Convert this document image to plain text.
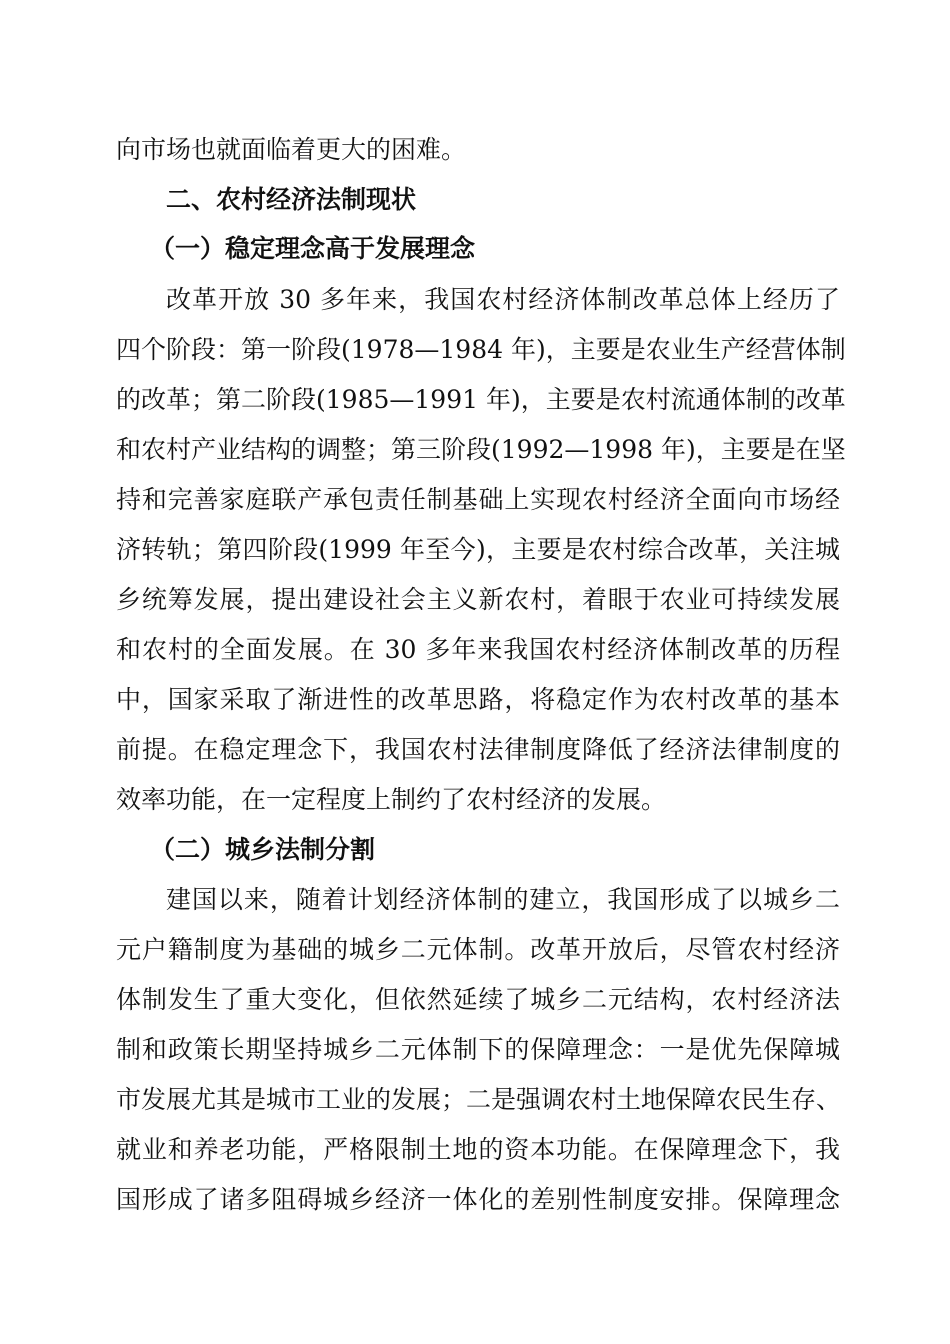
向市场也就面临着更大的困难。
二、农村经济法制现状
（一）稳定理念高于发展理念
改革开放 30 多年来，我国农村经济体制改革总体上经历了
四个阶段：第一阶段(1978—1984 年)，主要是农业生产经营体制
的改革；第二阶段(1985—1991 年)，主要是农村流通体制的改革
和农村产业结构的调整；第三阶段(1992—1998 年)，主要是在坚
持和完善家庭联产承包责任制基础上实现农村经济全面向市场经
济转轨；第四阶段(1999 年至今)，主要是农村综合改革，关注城
乡统筹发展，提出建设社会主义新农村，着眼于农业可持续发展
和农村的全面发展。在 30 多年来我国农村经济体制改革的历程
中，国家采取了渐进性的改革思路，将稳定作为农村改革的基本
前提。在稳定理念下，我国农村法律制度降低了经济法律制度的
效率功能，在一定程度上制约了农村经济的发展。
（二）城乡法制分割
建国以来，随着计划经济体制的建立，我国形成了以城乡二
元户籍制度为基础的城乡二元体制。改革开放后，尽管农村经济
体制发生了重大变化，但依然延续了城乡二元结构，农村经济法
制和政策长期坚持城乡二元体制下的保障理念：一是优先保障城
市发展尤其是城市工业的发展；二是强调农村土地保障农民生存、
就业和养老功能，严格限制土地的资本功能。在保障理念下，我
国形成了诸多阻碍城乡经济一体化的差别性制度安排。保障理念
